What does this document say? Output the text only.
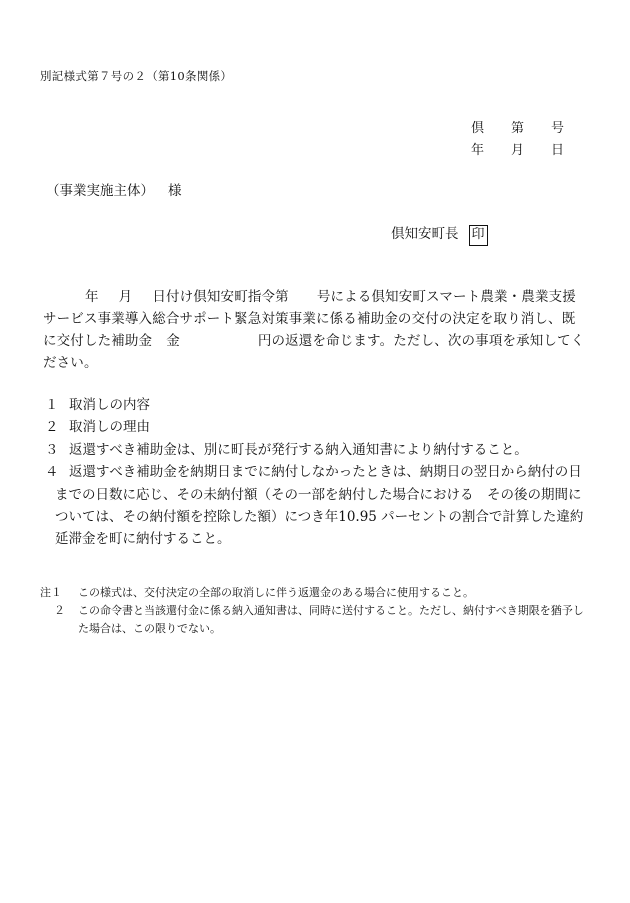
別記様式第７号の２（第10条関係）
倶 第 号
年 月 日
（事業実施主体） 様
倶知安町長 印
年 月 日付け倶知安町指令第 号による倶知安町スマート農業・農業支援サービス事業導入総合サポート緊急対策事業に係る補助金の交付の決定を取り消し、既に交付した補助金 金	円の返還を命じます。ただし、次の事項を承知してください。
１ 取消しの内容
２ 取消しの理由
３ 返還すべき補助金は、別に町長が発行する納入通知書により納付すること。
４ 返還すべき補助金を納期日までに納付しなかったときは、納期日の翌日から納付の日までの日数に応じ、その未納付額（その一部を納付した場合における　その後の期間については、その納付額を控除した額）につき年10.95 パーセントの割合で計算した違約延滞金を町に納付すること。
注１	この様式は、交付決定の全部の取消しに伴う返還金のある場合に使用すること。
２	この命令書と当該還付金に係る納入通知書は、同時に送付すること。ただし、納付すべき期限を猶予した場合は、この限りでない。
